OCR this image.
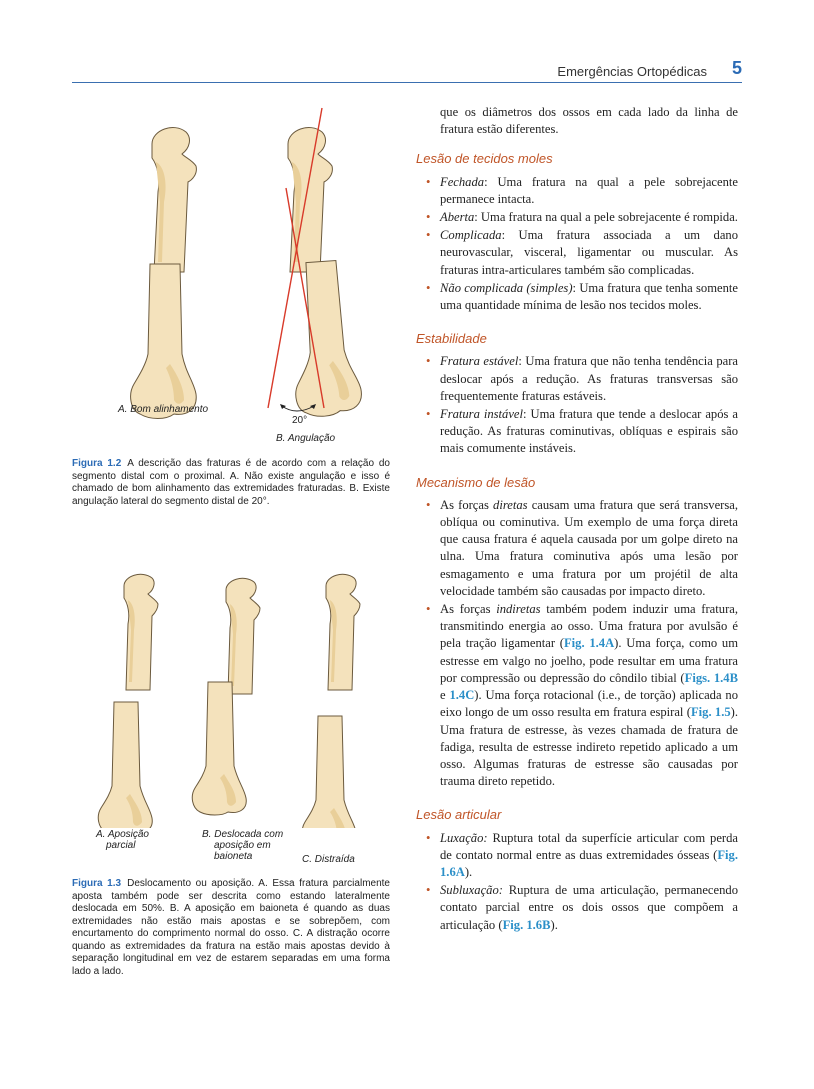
Emergências Ortopédicas 5
A. Bom alinhamento
20°
B. Angulação
Figura 1.2 A descrição das fraturas é de acordo com a relação do segmento distal com o proximal. A. Não existe angulação e isso é chamado de bom alinhamento das extremidades fraturadas. B. Existe angulação lateral do segmento distal de 20°.
A. Aposição
parcial
B. Deslocada com
aposição em
baioneta	C. Distraída
Figura 1.3 Deslocamento ou aposição. A. Essa fratura parcialmente aposta também pode ser descrita como estando lateralmente deslocada em 50%. B. A aposição em baioneta é quando as duas extremidades não estão mais apostas e se sobrepõem, com encurtamento do comprimento normal do osso. C. A distração ocorre quando as extremidades da fratura na estão mais apostas devido à separação longitudinal em vez de estarem separadas em uma forma lado a lado.

que os diâmetros dos ossos em cada lado da linha de fratura estão diferentes.

Lesão de tecidos moles
• Fechada: Uma fratura na qual a pele sobrejacente permanece intacta.
• Aberta: Uma fratura na qual a pele sobrejacente é rompida.
• Complicada: Uma fratura associada a um dano neurovascular, visceral, ligamentar ou muscular. As fraturas intra-articulares também são complicadas.
• Não complicada (simples): Uma fratura que tenha somente uma quantidade mínima de lesão nos tecidos moles.
Estabilidade
• Fratura estável: Uma fratura que não tenha tendência para deslocar após a redução. As fraturas transversas são frequentemente fraturas estáveis.
• Fratura instável: Uma fratura que tende a deslocar após a redução. As fraturas cominutivas, oblíquas e espirais são mais comumente instáveis.
Mecanismo de lesão
• As forças diretas causam uma fratura que será transversa, oblíqua ou cominutiva. Um exemplo de uma força direta que causa fratura é aquela causada por um golpe direto na ulna. Uma fratura cominutiva após uma lesão por esmagamento e uma fratura por um projétil de alta velocidade também são causadas por impacto direto.
• As forças indiretas também podem induzir uma fratura, transmitindo energia ao osso. Uma fratura por avulsão é pela tração ligamentar (Fig. 1.4A). Uma força, como um estresse em valgo no joelho, pode resultar em uma fratura por compressão ou depressão do côndilo tibial (Figs. 1.4B e 1.4C). Uma força rotacional (i.e., de torção) aplicada no eixo longo de um osso resulta em fratura espiral (Fig. 1.5). Uma fratura de estresse, às vezes chamada de fratura de fadiga, resulta de estresse indireto repetido aplicado a um osso. Algumas fraturas de estresse são causadas por trauma direto repetido.
Lesão articular
• Luxação: Ruptura total da superfície articular com perda de contato normal entre as duas extremidades ósseas (Fig. 1.6A).
• Subluxação: Ruptura de uma articulação, permanecendo contato parcial entre os dois ossos que compõem a articulação (Fig. 1.6B).
